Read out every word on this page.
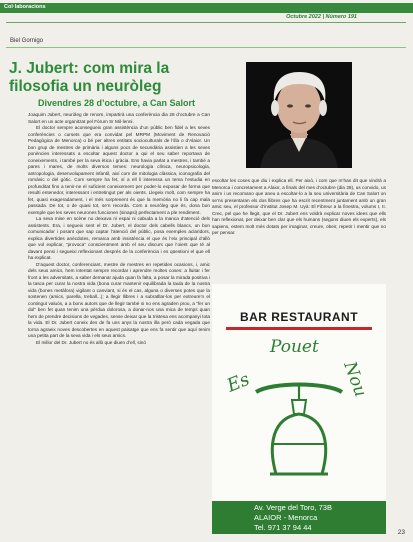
Col·laboracions
Octubre 2022 | Número 191
Biel Gornigo
J. Jubert: com mira la filosofia un neuròleg
Divendres 28 d’octubre, a Can Salort

Joaquim Jubert, neuròleg de renom, impartirà una conferència dia 28 d’octubre a Can Salort en un acte organitzat pel Fòrum Sr Mil·lenni.

El doctor sempre aconsegueix gran assistència d’un públic ben fidel a les seves conferències o cursets que era convidat pel MRPM (Moviment de Renovació Pedagògica de Menorca) o bé per altres entitats socioculturals de l’illa o d’Alaior. Un bon grup de mestres de primària i alguns pocs de secundària assistien a les seves ponències interessats a escoltar aquest doctor a qui el seu saber reportava de coneixements, i també per la seva ètica i gràcia. Ens havia parlat a mestres, i també a pares i mares, de molts diversos temes: neurologia clínica, neuropsicologia, antropologia, desenvolupament infantil, així com de mitologia clàssica, iconografia del romànic o del gòtic. Com sempre ha fet, sí a ell li interessa un tema l’estudia en profunditat fins a tenir-ne el suficient coneixement per poder-lo exposar de forma que resulti entenedor, interessant i entretingut per als oients. Llegeix molt, com sempre ha fet, quasi exageradament, i el més sorprenent és que la memòria no li fa cap mala passada. De tot, o de quasi tot, se’n recorda. Com a neuròleg que és, dona bon exemple que les seves neurones funcionen (sinapsi) perfectament a ple rendiment.

La seva mise en scène no deixava ni espai ni cabuda a la manca d’atenció dels assistents. Era, i segueix sent el Dr. Jubert, el doctor dels cabells blancs, un bon comunicador i posant que sap captar l’atenció del públic, posa exemples aclaridors, explica divertides anècdotes, remarca amb insistència el que és l’eix principal d’allò que vol explicar, “provoca” conscientment amb el seu discurs que l’oient que té al davant pensi i segueixi reflexionant després de la conferència i es qüestioni el que ell ha explicat.

D’aquest doctor, conferenciant, mestre de mestres en repetides ocasions, i, amic dels seus amics, hem intentat sempre recordar i aprendre moltes coses: a lluitar i fer front a les adversitats, a saber demanar ajuda quan fa falta, a posar la mirada positiva i la tasca per curar la nostra vida (bona curar mantenir equilibrada la taula de la nostra vida (bones metàfora) vigilant o canviant, si és el cas, alguna o diverses potes que la sostenen (amics, parella, treball...); a llegir llibres i a subratllar-los per extreure’n el contingut valuós, a a bons autors que de llegir també si no ens agraden prou, a “fer un dol” ben fet quan tenim una pèrdua dolorosa, a donar-nos una mica de temps quan hem de prendre decisions de vegades, sense deixar que la tristesa ens acompanyi tota la vida. El Dr. Jubert coneix des de fa uns anys la nostra illa però cada vegada que torna agraeix noves descobertes en aquest paisatge que ens fa sentir que aquí tenim una petita part de la seva vida i els seus amics.

El millor del Dr. Jubert no és allò que diuen d’ell, sinó

escoltar les coses que diu i explica ell. Per això, i com que m’han dit que vindrà a Menorca i concretament a Alaior, a finals del mes d’octubre (dia 28), us convido, us anim i us recomano que aneu a escoltar-lo a la seu universitària de Can Salort on se’ns presentaran els dos llibres que ha escrit recentment juntament amb un gran amic seu, el professor d’institut Josep M. Uyà: El Fibreur a la finestra, volums I, II. Crec, pel que he llegit, que el Dr. Jubert ens voldrà explicar noves idees que ells han reflexionat, per deixar ben clar que els humans (segons diuen els experts), els sapiens, estem molt més dotats per imaginar, creure, obeir, repetir i mentir que no per pensar.

BAR RESTAURANT
Es
Pouet
Nou
Av. Verge del Toro, 73B
ALAIOR - Menorca
Tel. 971 37 94 44
23
